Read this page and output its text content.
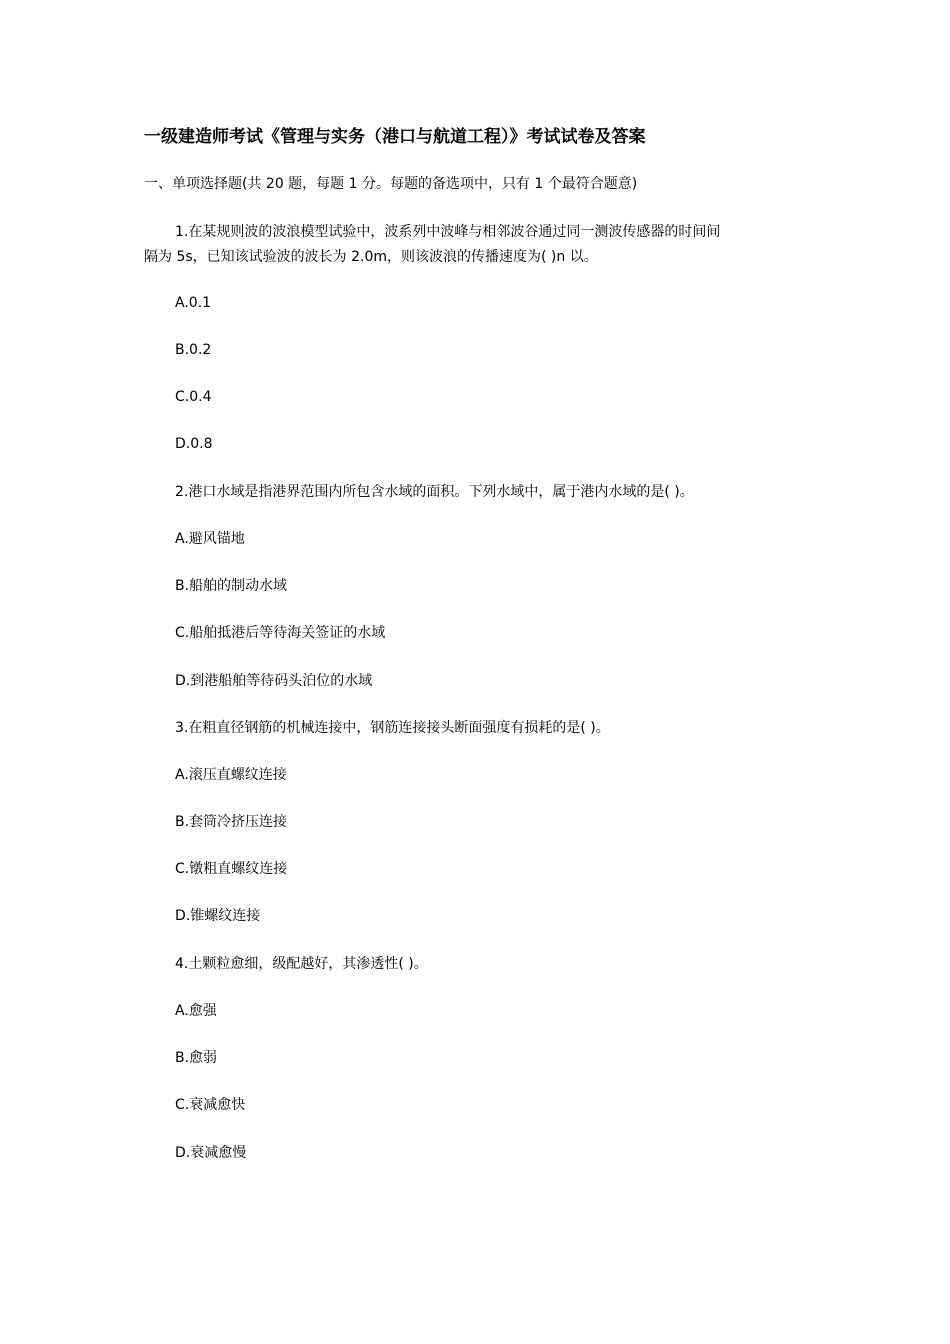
一级建造师考试《管理与实务（港口与航道工程）》考试试卷及答案
一、单项选择题(共 20 题，每题 1 分。每题的备选项中，只有 1 个最符合题意)
1.在某规则波的波浪模型试验中，波系列中波峰与相邻波谷通过同一测波传感器的时间间
隔为 5s，已知该试验波的波长为 2.0m，则该波浪的传播速度为( )n 以。
A.0.1
B.0.2
C.0.4
D.0.8
2.港口水域是指港界范围内所包含水域的面积。下列水域中，属于港内水域的是( )。
A.避风锚地
B.船舶的制动水域
C.船舶抵港后等待海关签证的水域
D.到港船舶等待码头泊位的水域
3.在粗直径钢筋的机械连接中，钢筋连接接头断面强度有损耗的是( )。
A.滚压直螺纹连接
B.套筒冷挤压连接
C.镦粗直螺纹连接
D.锥螺纹连接
4.土颗粒愈细，级配越好，其渗透性( )。
A.愈强
B.愈弱
C.衰减愈快
D.衰减愈慢
